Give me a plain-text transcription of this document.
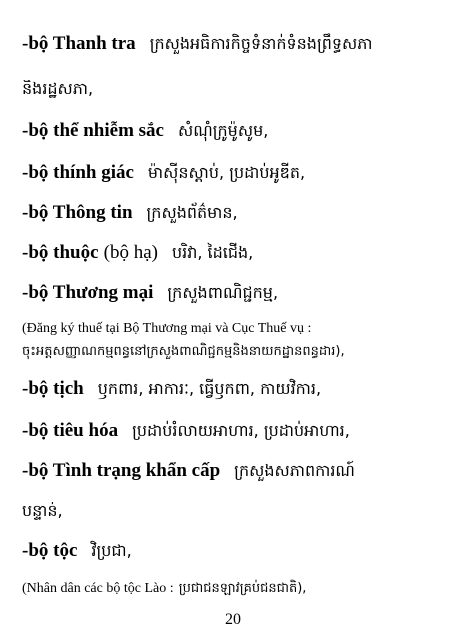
-bộ Thanh tra ក្រសួងអធិការកិច្ចទំនាក់ទំនងព្រឹទ្ធសភា
និងរដ្ឋសភា,
-bộ thể nhiễm sắc សំណុំក្រូម៉ូសូម,
-bộ thính giác ម៉ាស៊ីនស្ដាប់, ប្រដាប់អូឌីត,
-bộ Thông tin ក្រសួងព័ត៌មាន,
-bộ thuộc (bộ hạ) បរិវា, ដៃជើង,
-bộ Thương mại ក្រសួងពាណិជ្ជកម្ម,
(Đăng ký thuế tại Bộ Thương mại và Cục Thuế vụ :
ចុះអត្តសញ្ញាណកម្មពន្ធនៅក្រសួងពាណិជ្ជកម្មនិងនាយកដ្ឋានពន្ធដារ),
-bộ tịch ឫកពារ, អាការៈ, ធ្វើឫកពា, កាយវិការ,
-bộ tiêu hóa ប្រដាប់រំលាយអាហារ, ប្រដាប់អាហារ,
-bộ Tình trạng khẩn cấp ក្រសួងសភាពការណ៍
បន្ទាន់,
-bộ tộc វិប្រជា,
(Nhân dân các bộ tộc Lào : ប្រជាជនឡាវគ្រប់ជនជាតិ),
20
